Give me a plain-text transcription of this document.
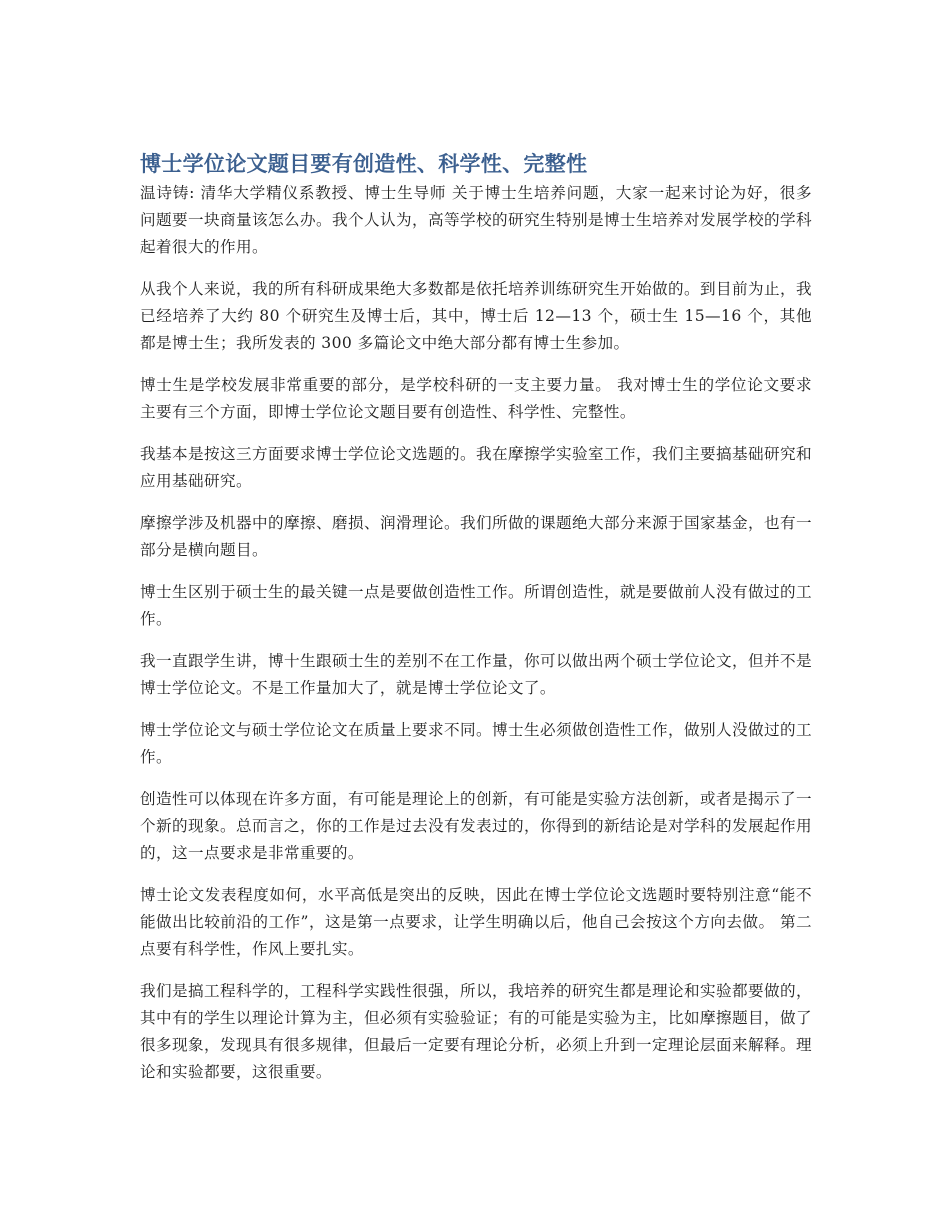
博士学位论文题目要有创造性、科学性、完整性

温诗铸: 清华大学精仪系教授、博士生导师 关于博士生培养问题，大家一起来讨论为好，很多问题要一块商量该怎么办。我个人认为，高等学校的研究生特别是博士生培养对发展学校的学科起着很大的作用。

从我个人来说，我的所有科研成果绝大多数都是依托培养训练研究生开始做的。到目前为止，我已经培养了大约 80 个研究生及博士后，其中，博士后 12—13 个，硕士生 15—16 个，其他都是博士生；我所发表的 300 多篇论文中绝大部分都有博士生参加。

博士生是学校发展非常重要的部分，是学校科研的一支主要力量。 我对博士生的学位论文要求主要有三个方面，即博士学位论文题目要有创造性、科学性、完整性。

我基本是按这三方面要求博士学位论文选题的。我在摩擦学实验室工作，我们主要搞基础研究和应用基础研究。

摩擦学涉及机器中的摩擦、磨损、润滑理论。我们所做的课题绝大部分来源于国家基金，也有一部分是横向题目。

博士生区别于硕士生的最关键一点是要做创造性工作。所谓创造性，就是要做前人没有做过的工作。

我一直跟学生讲，博十生跟硕士生的差别不在工作量，你可以做出两个硕士学位论文，但并不是博士学位论文。不是工作量加大了，就是博士学位论文了。

博士学位论文与硕士学位论文在质量上要求不同。博士生必须做创造性工作，做别人没做过的工作。

创造性可以体现在许多方面，有可能是理论上的创新，有可能是实验方法创新，或者是揭示了一个新的现象。总而言之，你的工作是过去没有发表过的，你得到的新结论是对学科的发展起作用的，这一点要求是非常重要的。

博士论文发表程度如何，水平高低是突出的反映，因此在博士学位论文选题时要特别注意“能不能做出比较前沿的工作”，这是第一点要求，让学生明确以后，他自己会按这个方向去做。 第二点要有科学性，作风上要扎实。

我们是搞工程科学的，工程科学实践性很强，所以，我培养的研究生都是理论和实验都要做的，其中有的学生以理论计算为主，但必须有实验验证；有的可能是实验为主，比如摩擦题目，做了很多现象，发现具有很多规律，但最后一定要有理论分析，必须上升到一定理论层面来解释。理论和实验都要，这很重要。
